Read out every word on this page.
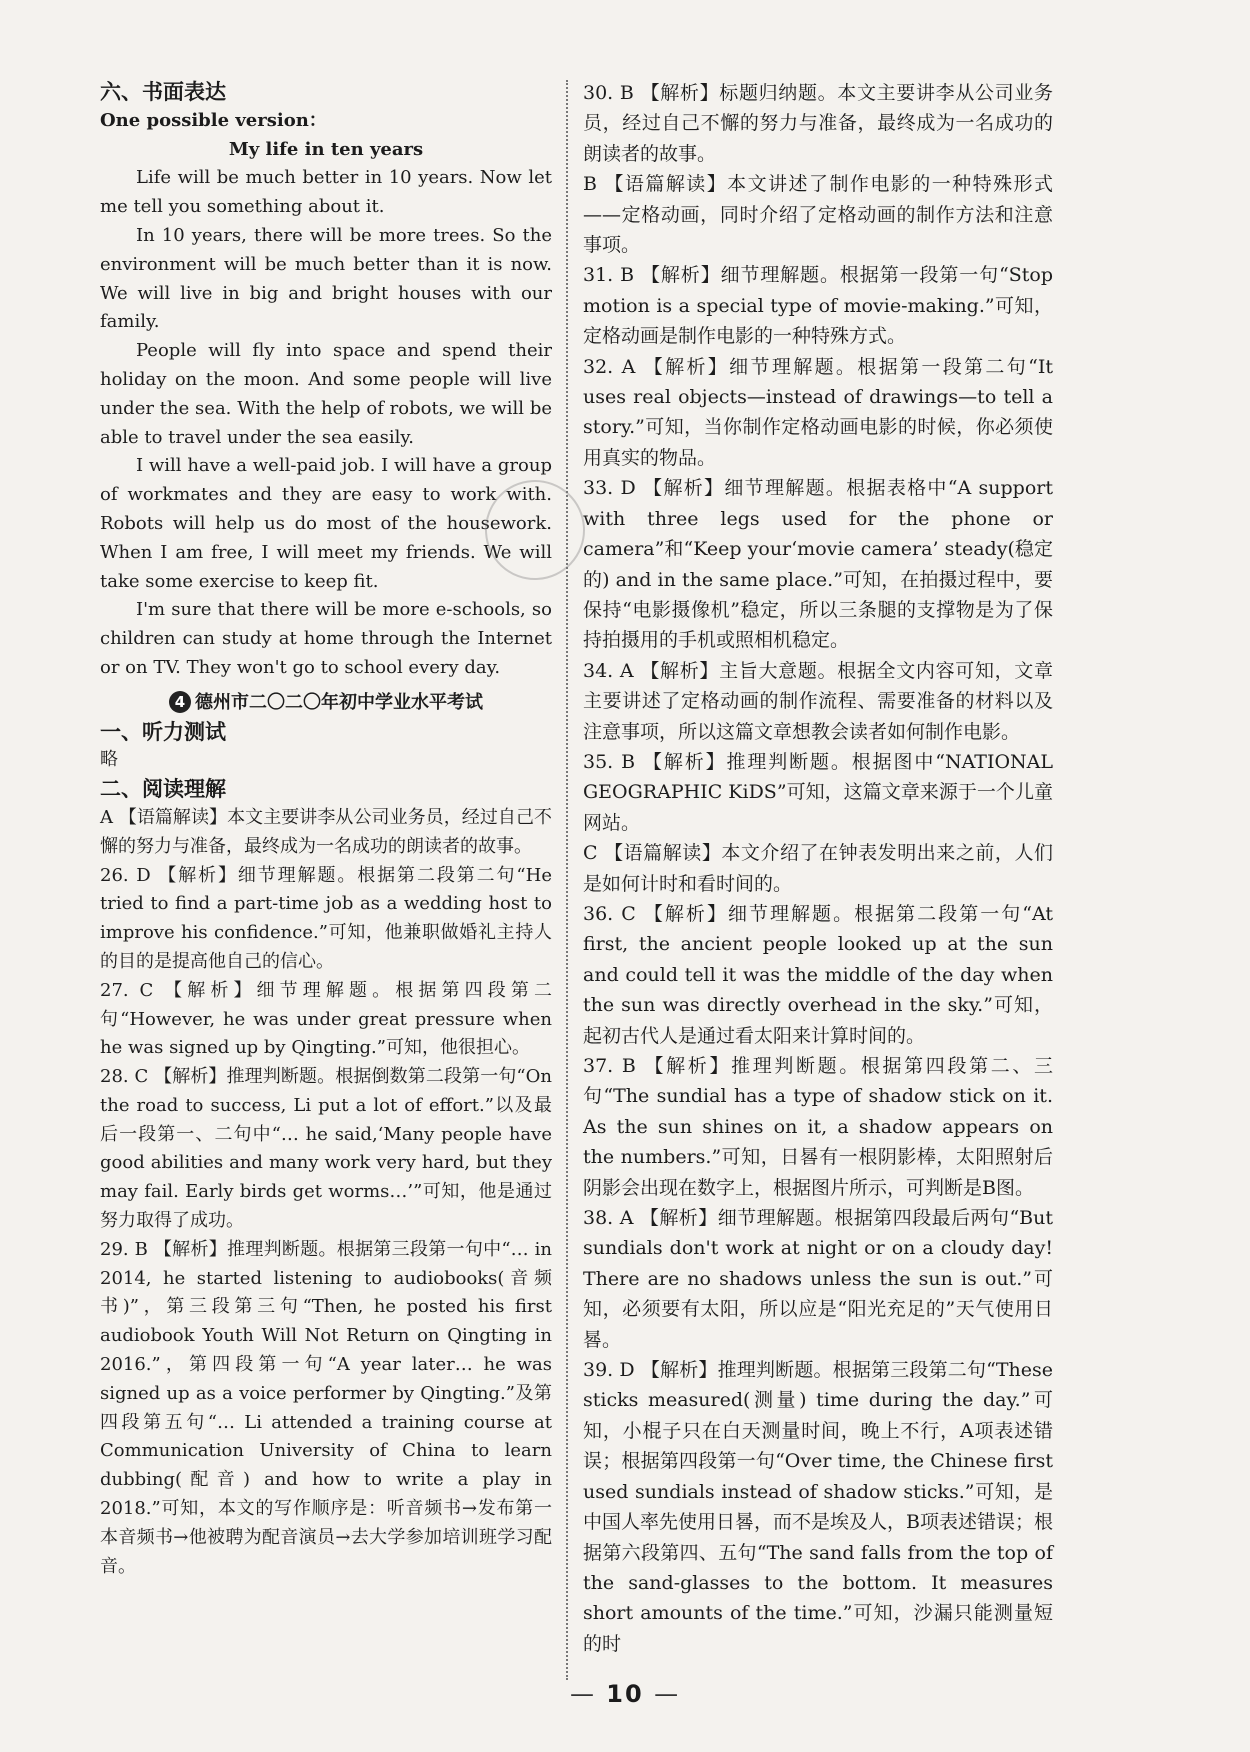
六、书面表达

One possible version：

My life in ten years

Life will be much better in 10 years. Now let me tell you something about it.

In 10 years, there will be more trees. So the environment will be much better than it is now. We will live in big and bright houses with our family.

People will fly into space and spend their holiday on the moon. And some people will live under the sea. With the help of robots, we will be able to travel under the sea easily.

I will have a well-paid job. I will have a group of workmates and they are easy to work with. Robots will help us do most of the housework. When I am free, I will meet my friends. We will take some exercise to keep fit.

I'm sure that there will be more e-schools, so children can study at home through the Internet or on TV. They won't go to school every day.

4 德州市二〇二〇年初中学业水平考试

一、听力测试

略

二、阅读理解

A 【语篇解读】本文主要讲李从公司业务员，经过自己不懈的努力与准备，最终成为一名成功的朗读者的故事。

26. D 【解析】细节理解题。根据第二段第二句“He tried to find a part-time job as a wedding host to improve his confidence.”可知，他兼职做婚礼主持人的目的是提高他自己的信心。

27. C 【解析】细节理解题。根据第四段第二句“However, he was under great pressure when he was signed up by Qingting.”可知，他很担心。

28. C 【解析】推理判断题。根据倒数第二段第一句“On the road to success, Li put a lot of effort.”以及最后一段第一、二句中“… he said,‘Many people have good abilities and many work very hard, but they may fail. Early birds get worms…’”可知，他是通过努力取得了成功。

29. B 【解析】推理判断题。根据第三段第一句中“… in 2014, he started listening to audiobooks(音频书)”，第三段第三句“Then, he posted his first audiobook Youth Will Not Return on Qingting in 2016.”，第四段第一句“A year later… he was signed up as a voice performer by Qingting.”及第四段第五句“… Li attended a training course at Communication University of China to learn dubbing(配音) and how to write a play in 2018.”可知，本文的写作顺序是：听音频书→发布第一本音频书→他被聘为配音演员→去大学参加培训班学习配音。

30. B 【解析】标题归纳题。本文主要讲李从公司业务员，经过自己不懈的努力与准备，最终成为一名成功的朗读者的故事。

B 【语篇解读】本文讲述了制作电影的一种特殊形式——定格动画，同时介绍了定格动画的制作方法和注意事项。

31. B 【解析】细节理解题。根据第一段第一句“Stop motion is a special type of movie-making.”可知，定格动画是制作电影的一种特殊方式。

32. A 【解析】细节理解题。根据第一段第二句“It uses real objects—instead of drawings—to tell a story.”可知，当你制作定格动画电影的时候，你必须使用真实的物品。

33. D 【解析】细节理解题。根据表格中“A support with three legs used for the phone or camera”和“Keep your‘movie camera’ steady(稳定的) and in the same place.”可知，在拍摄过程中，要保持“电影摄像机”稳定，所以三条腿的支撑物是为了保持拍摄用的手机或照相机稳定。

34. A 【解析】主旨大意题。根据全文内容可知，文章主要讲述了定格动画的制作流程、需要准备的材料以及注意事项，所以这篇文章想教会读者如何制作电影。

35. B 【解析】推理判断题。根据图中“NATIONAL GEOGRAPHIC KiDS”可知，这篇文章来源于一个儿童网站。

C 【语篇解读】本文介绍了在钟表发明出来之前，人们是如何计时和看时间的。

36. C 【解析】细节理解题。根据第二段第一句“At first, the ancient people looked up at the sun and could tell it was the middle of the day when the sun was directly overhead in the sky.”可知，起初古代人是通过看太阳来计算时间的。

37. B 【解析】推理判断题。根据第四段第二、三句“The sundial has a type of shadow stick on it. As the sun shines on it, a shadow appears on the numbers.”可知，日晷有一根阴影棒，太阳照射后阴影会出现在数字上，根据图片所示，可判断是B图。

38. A 【解析】细节理解题。根据第四段最后两句“But sundials don't work at night or on a cloudy day! There are no shadows unless the sun is out.”可知，必须要有太阳，所以应是“阳光充足的”天气使用日晷。

39. D 【解析】推理判断题。根据第三段第二句“These sticks measured(测量) time during the day.”可知，小棍子只在白天测量时间，晚上不行，A项表述错误；根据第四段第一句“Over time, the Chinese first used sundials instead of shadow sticks.”可知，是中国人率先使用日晷，而不是埃及人，B项表述错误；根据第六段第四、五句“The sand falls from the top of the sand-glasses to the bottom. It measures short amounts of the time.”可知，沙漏只能测量短的时

— 10 —
